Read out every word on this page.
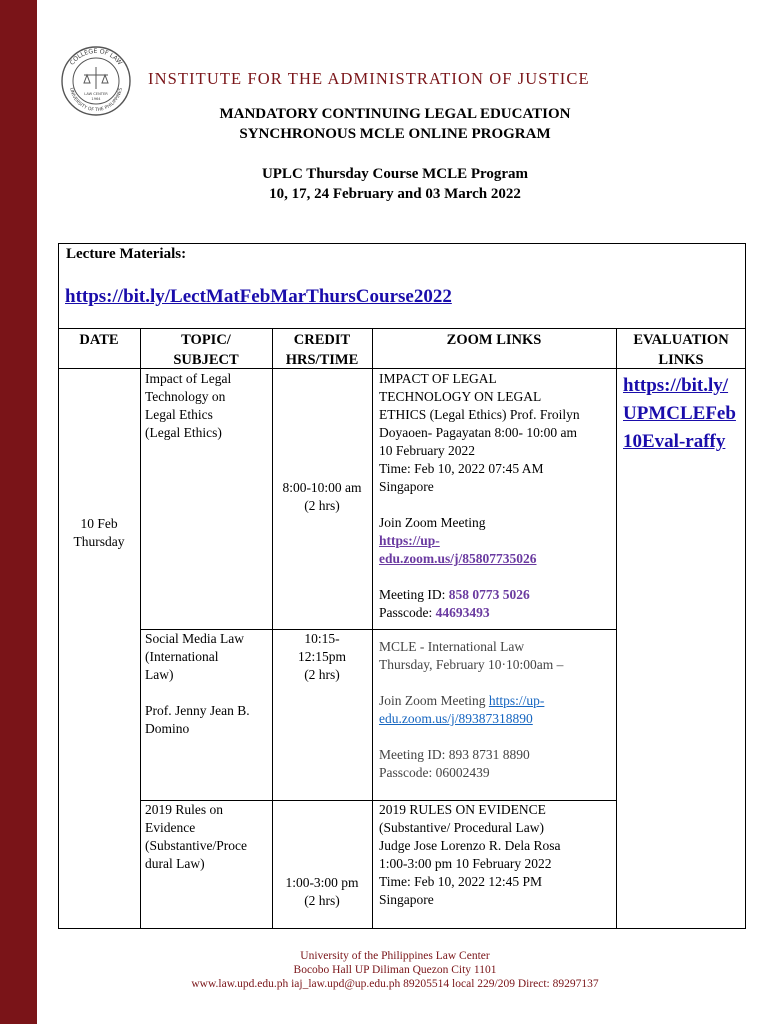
COLLEGE OF LAW
UNIVERSITY OF THE PHILIPPINES
LAW CENTER
1964
INSTITUTE FOR THE ADMINISTRATION OF JUSTICE
MANDATORY CONTINUING LEGAL EDUCATION
SYNCHRONOUS MCLE ONLINE PROGRAM
UPLC Thursday Course MCLE Program
10, 17, 24 February and 03 March 2022
Lecture Materials:
https://bit.ly/LectMatFebMarThursCourse2022
DATE	TOPIC/
SUBJECT
CREDIT
HRS/TIME
ZOOM LINKS	EVALUATION
LINKS
10 Feb
Thursday
Impact of Legal
Technology on
Legal Ethics
(Legal Ethics)
8:00-10:00 am
(2 hrs)
IMPACT OF LEGAL
TECHNOLOGY ON LEGAL
ETHICS (Legal Ethics) Prof. Froilyn
Doyaoen- Pagayatan 8:00- 10:00 am
10 February 2022
Time: Feb 10, 2022 07:45 AM
Singapore
Join Zoom Meeting
https://up-
edu.zoom.us/j/85807735026
Meeting ID: 858 0773 5026
Passcode: 44693493
https://bit.ly/UPMCLEFeb10Eval-raffy
Social Media Law
(International
Law)
Prof. Jenny Jean B.
Domino
10:15-
12:15pm
(2 hrs)
MCLE - International Law
Thursday, February 10·10:00am –
Join Zoom Meeting https://up-
edu.zoom.us/j/89387318890
Meeting ID: 893 8731 8890
Passcode: 06002439
2019 Rules on
Evidence
(Substantive/Proce
dural Law)
1:00-3:00 pm
(2 hrs)
2019 RULES ON EVIDENCE
(Substantive/ Procedural Law)
Judge Jose Lorenzo R. Dela Rosa
1:00-3:00 pm 10 February 2022
Time: Feb 10, 2022 12:45 PM
Singapore
University of the Philippines Law Center
Bocobo Hall UP Diliman Quezon City 1101
www.law.upd.edu.ph iaj_law.upd@up.edu.ph 89205514 local 229/209 Direct: 89297137
